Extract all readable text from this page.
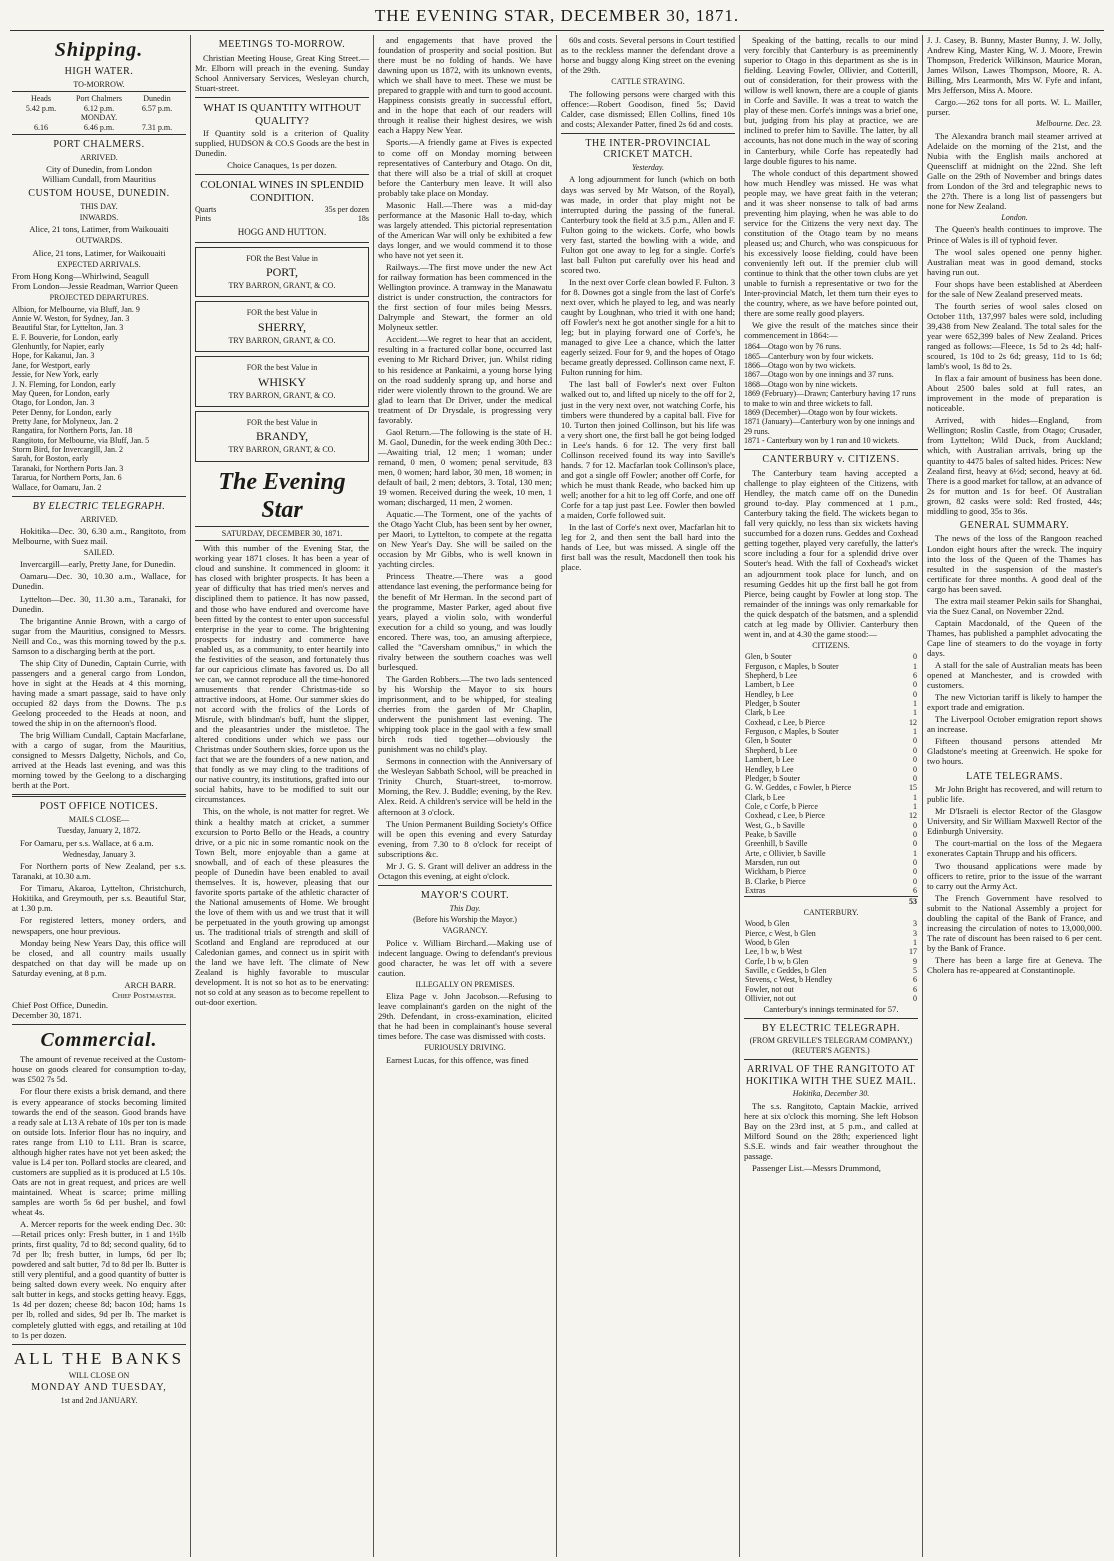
THE EVENING STAR, DECEMBER 30, 1871.
Shipping.
HIGH WATER.
TO-MORROW.
Heads	Port Chalmers	Dunedin
5.42 p.m.	6.12 p.m.	6.57 p.m.
MONDAY.
6.16	6.46 p.m.	7.31 p.m.
PORT CHALMERS.
ARRIVED.

City of Dunedin, from London
William Cundall, from Mauritius

CUSTOM HOUSE, DUNEDIN.
THIS DAY.
INWARDS.

Alice, 21 tons, Latimer, from Waikouaiti

OUTWARDS.

Alice, 21 tons, Latimer, for Waikouaiti

EXPECTED ARRIVALS.

From Hong Kong—Whirlwind, Seagull
From London—Jessie Readman, Warrior Queen

PROJECTED DEPARTURES.
Albion, for Melbourne, via Bluff, Jan. 9
Annie W. Weston, for Sydney, Jan. 3
Beautiful Star, for Lyttelton, Jan. 3
E. F. Bouverie, for London, early
Glenhuntly, for Napier, early
Hope, for Kakanui, Jan. 3
Jane, for Westport, early
Jessie, for New York, early
J. N. Fleming, for London, early
May Queen, for London, early
Otago, for London, Jan. 3
Peter Denny, for London, early
Pretty Jane, for Molyneux, Jan. 2
Rangatira, for Northern Ports, Jan. 18
Rangitoto, for Melbourne, via Bluff, Jan. 5
Storm Bird, for Invercargill, Jan. 2
Sarah, for Boston, early
Taranaki, for Northern Ports Jan. 3
Tararua, for Northern Ports, Jan. 6
Wallace, for Oamaru, Jan. 2
BY ELECTRIC TELEGRAPH.
ARRIVED.

Hokitika—Dec. 30, 6.30 a.m., Rangitoto, from Melbourne, with Suez mail.

SAILED.

Invercargill—early, Pretty Jane, for Dunedin.

Oamaru—Dec. 30, 10.30 a.m., Wallace, for Dunedin.

Lyttelton—Dec. 30, 11.30 a.m., Taranaki, for Dunedin.

The brigantine Annie Brown, with a cargo of sugar from the Mauritius, consigned to Messrs. Neill and Co., was this morning towed by the p.s. Samson to a discharging berth at the port.

The ship City of Dunedin, Captain Currie, with passengers and a general cargo from London, hove in sight at the Heads at 4 this morning, having made a smart passage, said to have only occupied 82 days from the Downs. The p.s Geelong proceeded to the Heads at noon, and towed the ship in on the afternoon's flood.

The brig William Cundall, Captain Macfarlane, with a cargo of sugar, from the Mauritius, consigned to Messrs Dalgetty, Nichols, and Co, arrived at the Heads last evening, and was this morning towed by the Geelong to a discharging berth at the Port.

POST OFFICE NOTICES.
MAILS CLOSE—
Tuesday, January 2, 1872.

For Oamaru, per s.s. Wallace, at 6 a.m.

Wednesday, January 3.

For Northern ports of New Zealand, per s.s. Taranaki, at 10.30 a.m.

For Timaru, Akaroa, Lyttelton, Christchurch, Hokitika, and Greymouth, per s.s. Beautiful Star, at 1.30 p.m.

For registered letters, money orders, and newspapers, one hour previous.

Monday being New Years Day, this office will be closed, and all country mails usually despatched on that day will be made up on Saturday evening, at 8 p.m.

ARCH BARR.
Chief Postmaster.

Chief Post Office, Dunedin.
December 30, 1871.

Commercial.

The amount of revenue received at the Custom-house on goods cleared for consumption to-day, was £502 7s 5d.

For flour there exists a brisk demand, and there is every appearance of stocks becoming limited towards the end of the season. Good brands have a ready sale at L13 A rebate of 10s per ton is made on outside lots. Inferior flour has no inquiry, and rates range from L10 to L11. Bran is scarce, although higher rates have not yet been asked; the value is L4 per ton. Pollard stocks are cleared, and customers are supplied as it is produced at L5 10s. Oats are not in great request, and prices are well maintained. Wheat is scarce; prime milling samples are worth 5s 6d per bushel, and fowl wheat 4s.

A. Mercer reports for the week ending Dec. 30:—Retail prices only: Fresh butter, in 1 and 1½lb prints, first quality, 7d to 8d; second quality, 6d to 7d per lb; fresh butter, in lumps, 6d per lb; powdered and salt butter, 7d to 8d per lb. Butter is still very plentiful, and a good quantity of butter is being salted down every week. No enquiry after salt butter in kegs, and stocks getting heavy. Eggs, 1s 4d per dozen; cheese 8d; bacon 10d; hams 1s per lb, rolled and sides, 9d per lb. The market is completely glutted with eggs, and retailing at 10d to 1s per dozen.

ALL THE BANKS
WILL CLOSE ON
MONDAY AND TUESDAY,
1st and 2nd JANUARY.
MEETINGS TO-MORROW.

Christian Meeting House, Great King Street.—Mr. Elborn will preach in the evening. Sunday School Anniversary Services, Wesleyan church, Stuart-street.

WHAT IS QUANTITY WITHOUT QUALITY?

If Quantity sold is a criterion of Quality supplied, HUDSON & CO.S Goods are the best in Dunedin.

Choice Canaques, 1s per dozen.

COLONIAL WINES IN SPLENDID CONDITION.
Quarts	35s per dozen
Pints	18s
HOGG AND HUTTON.
FOR the Best Value in
PORT,
TRY BARRON, GRANT, & CO.
FOR the best Value in
SHERRY,
TRY BARRON, GRANT, & CO.
FOR the best Value in
WHISKY
TRY BARRON, GRANT, & CO.
FOR the best Value in
BRANDY,
TRY BARRON, GRANT, & CO.
The Evening Star
SATURDAY, DECEMBER 30, 1871.

With this number of the Evening Star, the working year 1871 closes. It has been a year of cloud and sunshine. It commenced in gloom: it has closed with brighter prospects. It has been a year of difficulty that has tried men's nerves and disciplined them to patience. It has now passed, and those who have endured and overcome have been fitted by the contest to enter upon successful enterprise in the year to come. The brightening prospects for industry and commerce have enabled us, as a community, to enter heartily into the festivities of the season, and fortunately thus far our capricious climate has favored us. Do all we can, we cannot reproduce all the time-honored amusements that render Christmas-tide so attractive indoors, at Home. Our summer skies do not accord with the frolics of the Lords of Misrule, with blindman's buff, hunt the slipper, and the pleasantries under the mistletoe. The altered conditions under which we pass our Christmas under Southern skies, force upon us the fact that we are the founders of a new nation, and that fondly as we may cling to the traditions of our native country, its institutions, grafted into our social habits, have to be modified to suit our circumstances.

This, on the whole, is not matter for regret. We think a healthy match at cricket, a summer excursion to Porto Bello or the Heads, a country drive, or a pic nic in some romantic nook on the Town Belt, more enjoyable than a game at snowball, and of each of these pleasures the people of Dunedin have been enabled to avail themselves. It is, however, pleasing that our favorite sports partake of the athletic character of the National amusements of Home. We brought the love of them with us and we trust that it will be perpetuated in the youth growing up amongst us. The traditional trials of strength and skill of Scotland and England are reproduced at our Caledonian games, and connect us in spirit with the land we have left. The climate of New Zealand is highly favorable to muscular development. It is not so hot as to be enervating: not so cold at any season as to become repellent to out-door exertion.

and engagements that have proved the foundation of prosperity and social position. But there must be no folding of hands. We have dawning upon us 1872, with its unknown events, which we shall have to meet. These we must be prepared to grapple with and turn to good account. Happiness consists greatly in successful effort, and in the hope that each of our readers will through it realise their highest desires, we wish each a Happy New Year.

Sports.—A friendly game at Fives is expected to come off on Monday morning between representatives of Canterbury and Otago. On dit, that there will also be a trial of skill at croquet before the Canterbury men leave. It will also probably take place on Monday.

Masonic Hall.—There was a mid-day performance at the Masonic Hall to-day, which was largely attended. This pictorial representation of the American War will only be exhibited a few days longer, and we would commend it to those who have not yet seen it.

Railways.—The first move under the new Act for railway formation has been commenced in the Wellington province. A tramway in the Manawatu district is under construction, the contractors for the first section of four miles being Messrs. Dalrymple and Stewart, the former an old Molyneux settler.

Accident.—We regret to hear that an accident, resulting in a fractured collar bone, occurred last evening to Mr Richard Driver, jun. Whilst riding to his residence at Pankaimi, a young horse lying on the road suddenly sprang up, and horse and rider were violently thrown to the ground. We are glad to learn that Dr Driver, under the medical treatment of Dr Drysdale, is progressing very favorably.

Gaol Return.—The following is the state of H. M. Gaol, Dunedin, for the week ending 30th Dec.:—Awaiting trial, 12 men; 1 woman; under remand, 0 men, 0 women; penal servitude, 83 men, 0 women; hard labor, 30 men, 18 women; in default of bail, 2 men; debtors, 3. Total, 130 men; 19 women. Received during the week, 10 men, 1 woman; discharged, 11 men, 2 women.

Aquatic.—The Torment, one of the yachts of the Otago Yacht Club, has been sent by her owner, per Maori, to Lyttelton, to compete at the regatta on New Year's Day. She will be sailed on the occasion by Mr Gibbs, who is well known in yachting circles.

Princess Theatre.—There was a good attendance last evening, the performance being for the benefit of Mr Herman. In the second part of the programme, Master Parker, aged about five years, played a violin solo, with wonderful execution for a child so young, and was loudly encored. There was, too, an amusing afterpiece, called the "Caversham omnibus," in which the rivalry between the southern coaches was well burlesqued.

The Garden Robbers.—The two lads sentenced by his Worship the Mayor to six hours imprisonment, and to be whipped, for stealing cherries from the garden of Mr Chaplin, underwent the punishment last evening. The whipping took place in the gaol with a few small birch rods tied together—obviously the punishment was no child's play.

Sermons in connection with the Anniversary of the Wesleyan Sabbath School, will be preached in Trinity Church, Stuart-street, to-morrow. Morning, the Rev. J. Buddle; evening, by the Rev. Alex. Reid. A children's service will be held in the afternoon at 3 o'clock.

The Union Permanent Building Society's Office will be open this evening and every Saturday evening, from 7.30 to 8 o'clock for receipt of subscriptions &c.

Mr J. G. S. Grant will deliver an address in the Octagon this evening, at eight o'clock.

MAYOR'S COURT.
This Day.
(Before his Worship the Mayor.)
VAGRANCY.

Police v. William Birchard.—Making use of indecent language. Owing to defendant's previous good character, he was let off with a severe caution.

ILLEGALLY ON PREMISES.

Eliza Page v. John Jacobson.—Refusing to leave complainant's garden on the night of the 29th. Defendant, in cross-examination, elicited that he had been in complainant's house several times before. The case was dismissed with costs.

FURIOUSLY DRIVING.

Earnest Lucas, for this offence, was fined

60s and costs. Several persons in Court testified as to the reckless manner the defendant drove a horse and buggy along King street on the evening of the 29th.

CATTLE STRAYING.

The following persons were charged with this offence:—Robert Goodison, fined 5s; David Calder, case dismissed; Ellen Collins, fined 10s and costs; Alexander Patter, fined 2s 6d and costs.

THE INTER-PROVINCIAL CRICKET MATCH.
Yesterday.

A long adjournment for lunch (which on both days was served by Mr Watson, of the Royal), was made, in order that play might not be interrupted during the passing of the funeral. Canterbury took the field at 3.5 p.m., Allen and F. Fulton going to the wickets. Corfe, who bowls very fast, started the bowling with a wide, and Fulton got one away to leg for a single. Corfe's last ball Fulton put carefully over his head and scored two.

In the next over Corfe clean bowled F. Fulton. 3 for 8. Downes got a single from the last of Corfe's next over, which he played to leg, and was nearly caught by Loughnan, who tried it with one hand; off Fowler's next he got another single for a hit to leg; but in playing forward one of Corfe's, he managed to give Lee a chance, which the latter eagerly seized. Four for 9, and the hopes of Otago became greatly depressed. Collinson came next, F. Fulton running for him.

The last ball of Fowler's next over Fulton walked out to, and lifted up nicely to the off for 2, just in the very next over, not watching Corfe, his timbers were thundered by a capital ball. Five for 10. Turton then joined Collinson, but his life was a very short one, the first ball he got being lodged in Lee's hands. 6 for 12. The very first ball Collinson received found its way into Saville's hands. 7 for 12. Macfarlan took Collinson's place, and got a single off Fowler; another off Corfe, for which he must thank Reade, who backed him up well; another for a hit to leg off Corfe, and one off Corfe for a tap just past Lee. Fowler then bowled a maiden, Corfe followed suit.

In the last of Corfe's next over, Macfarlan hit to leg for 2, and then sent the ball hard into the hands of Lee, but was missed. A single off the first ball was the result, Macdonell then took his place.

Speaking of the batting, recalls to our mind very forcibly that Canterbury is as preeminently superior to Otago in this department as she is in fielding. Leaving Fowler, Ollivier, and Cotterill, out of consideration, for their prowess with the willow is well known, there are a couple of giants in Corfe and Saville. It was a treat to watch the play of these men. Corfe's innings was a brief one, but, judging from his play at practice, we are inclined to prefer him to Saville. The latter, by all accounts, has not done much in the way of scoring in Canterbury, while Corfe has repeatedly had large double figures to his name.

The whole conduct of this department showed how much Hendley was missed. He was what people may, we have great faith in the veteran; and it was sheer nonsense to talk of bad arms preventing him playing, when he was able to do service for the Citizens the very next day. The constitution of the Otago team by no means pleased us; and Church, who was conspicuous for his excessively loose fielding, could have been conveniently left out. If the premier club will continue to think that the other town clubs are yet unable to furnish a representative or two for the Inter-provincial Match, let them turn their eyes to the country, where, as we have before pointed out, there are some really good players.

We give the result of the matches since their commencement in 1864:—

1864—Otago won by 76 runs.
1865—Canterbury won by four wickets.
1866—Otago won by two wickets.
1867—Otago won by one innings and 37 runs.
1868—Otago won by nine wickets.
1869 (February)—Drawn; Canterbury having 17 runs to make to win and three wickets to fall.
1869 (December)—Otago won by four wickets.
1871 (January)—Canterbury won by one innings and 29 runs.
1871 - Canterbury won by 1 run and 10 wickets.
CANTERBURY v. CITIZENS.

The Canterbury team having accepted a challenge to play eighteen of the Citizens, with Hendley, the match came off on the Dunedin ground to-day. Play commenced at 1 p.m., Canterbury taking the field. The wickets began to fall very quickly, no less than six wickets having succumbed for a dozen runs. Geddes and Coxhead getting together, played very carefully, the latter's score including a four for a splendid drive over Souter's head. With the fall of Coxhead's wicket an adjournment took place for lunch, and on resuming Geddes hit up the first ball he got from Pierce, being caught by Fowler at long stop. The remainder of the innings was only remarkable for the quick despatch of the batsmen, and a splendid catch at leg made by Ollivier. Canterbury then went in, and at 4.30 the game stood:—

CITIZENS.
Glen, b Souter	0
Ferguson, c Maples, b Souter	1
Shepherd, b Lee	6
Lambert, b Lee	0
Hendley, b Lee	0
Pledger, b Souter	1
Clark, b Lee	1
Coxhead, c Lee, b Pierce	12
Ferguson, c Maples, b Souter	1
Glen, b Souter	0
Shepherd, b Lee	0
Lambert, b Lee	0
Hendley, b Lee	0
Pledger, b Souter	0
G. W. Geddes, c Fowler, b Pierce	15
Clark, b Lee	1
Cole, c Corfe, b Pierce	1
Coxhead, c Lee, b Pierce	12
West, G., b Saville	0
Peake, b Saville	0
Greenhill, b Saville	0
Arte, c Ollivier, b Saville	1
Marsden, run out	0
Wickham, b Pierce	0
B. Clarke, b Pierce	0
Extras	6
	53
CANTERBURY.
Wood, b Glen	3
Pierce, c West, b Glen	3
Wood, b Glen	1
Lee, l b w, b West	17
Corfe, l b w, b Glen	9
Saville, c Geddes, b Glen	5
Stevens, c West, b Hendley	6
Fowler, not out	6
Ollivier, not out	0

Canterbury's innings terminated for 57.

BY ELECTRIC TELEGRAPH.
(FROM GREVILLE'S TELEGRAM COMPANY,) (REUTER'S AGENTS.)
ARRIVAL OF THE RANGITOTO AT HOKITIKA WITH THE SUEZ MAIL.
Hokitika, December 30.

The s.s. Rangitoto, Captain Mackie, arrived here at six o'clock this morning. She left Hobson Bay on the 23rd inst, at 5 p.m., and called at Milford Sound on the 28th; experienced light S.S.E. winds and fair weather throughout the passage.

Passenger List.—Messrs Drummond,

J. J. Casey, B. Bunny, Master Bunny, J. W. Jolly, Andrew King, Master King, W. J. Moore, Frewin Thompson, Frederick Wilkinson, Maurice Moran, James Wilson, Lawes Thompson, Moore, R. A. Billing, Mrs Learmonth, Mrs W. Fyfe and infant, Mrs Jefferson, Miss A. Moore.

Cargo.—262 tons for all ports. W. L. Mailler, purser.

Melbourne. Dec. 23.

The Alexandra branch mail steamer arrived at Adelaide on the morning of the 21st, and the Nubia with the English mails anchored at Queenscliff at midnight on the 22nd. She left Galle on the 29th of November and brings dates from London of the 3rd and telegraphic news to the 27th. There is a long list of passengers but none for New Zealand.

London.

The Queen's health continues to improve. The Prince of Wales is ill of typhoid fever.

The wool sales opened one penny higher. Australian meat was in good demand, stocks having run out.

Four shops have been established at Aberdeen for the sale of New Zealand preserved meats.

The fourth series of wool sales closed on October 11th, 137,997 bales were sold, including 39,438 from New Zealand. The total sales for the year were 652,399 bales of New Zealand. Prices ranged as follows:—Fleece, 1s 5d to 2s 4d; half-scoured, 1s 10d to 2s 6d; greasy, 11d to 1s 6d; lamb's wool, 1s 8d to 2s.

In flax a fair amount of business has been done. About 2500 bales sold at full rates, an improvement in the mode of preparation is noticeable.

Arrived, with hides—England, from Wellington; Roslin Castle, from Otago; Crusader, from Lyttelton; Wild Duck, from Auckland; which, with Australian arrivals, bring up the quantity to 4475 bales of salted hides. Prices: New Zealand first, heavy at 6½d; second, heavy at 6d. There is a good market for tallow, at an advance of 2s for mutton and 1s for beef. Of Australian grown, 82 casks were sold: Red frosted, 44s; middling to good, 35s to 36s.

GENERAL SUMMARY.

The news of the loss of the Rangoon reached London eight hours after the wreck. The inquiry into the loss of the Queen of the Thames has resulted in the suspension of the master's certificate for three months. A good deal of the cargo has been saved.

The extra mail steamer Pekin sails for Shanghai, via the Suez Canal, on November 22nd.

Captain Macdonald, of the Queen of the Thames, has published a pamphlet advocating the Cape line of steamers to do the voyage in forty days.

A stall for the sale of Australian meats has been opened at Manchester, and is crowded with customers.

The new Victorian tariff is likely to hamper the export trade and emigration.

The Liverpool October emigration report shows an increase.

Fifteen thousand persons attended Mr Gladstone's meeting at Greenwich. He spoke for two hours.

LATE TELEGRAMS.

Mr John Bright has recovered, and will return to public life.

Mr D'Israeli is elector Rector of the Glasgow University, and Sir William Maxwell Rector of the Edinburgh University.

The court-martial on the loss of the Megaera exonerates Captain Thrupp and his officers.

Two thousand applications were made by officers to retire, prior to the issue of the warrant to carry out the Army Act.

The French Government have resolved to submit to the National Assembly a project for doubling the capital of the Bank of France, and increasing the circulation of notes to 13,000,000. The rate of discount has been raised to 6 per cent. by the Bank of France.

There has been a large fire at Geneva. The Cholera has re-appeared at Constantinople.
